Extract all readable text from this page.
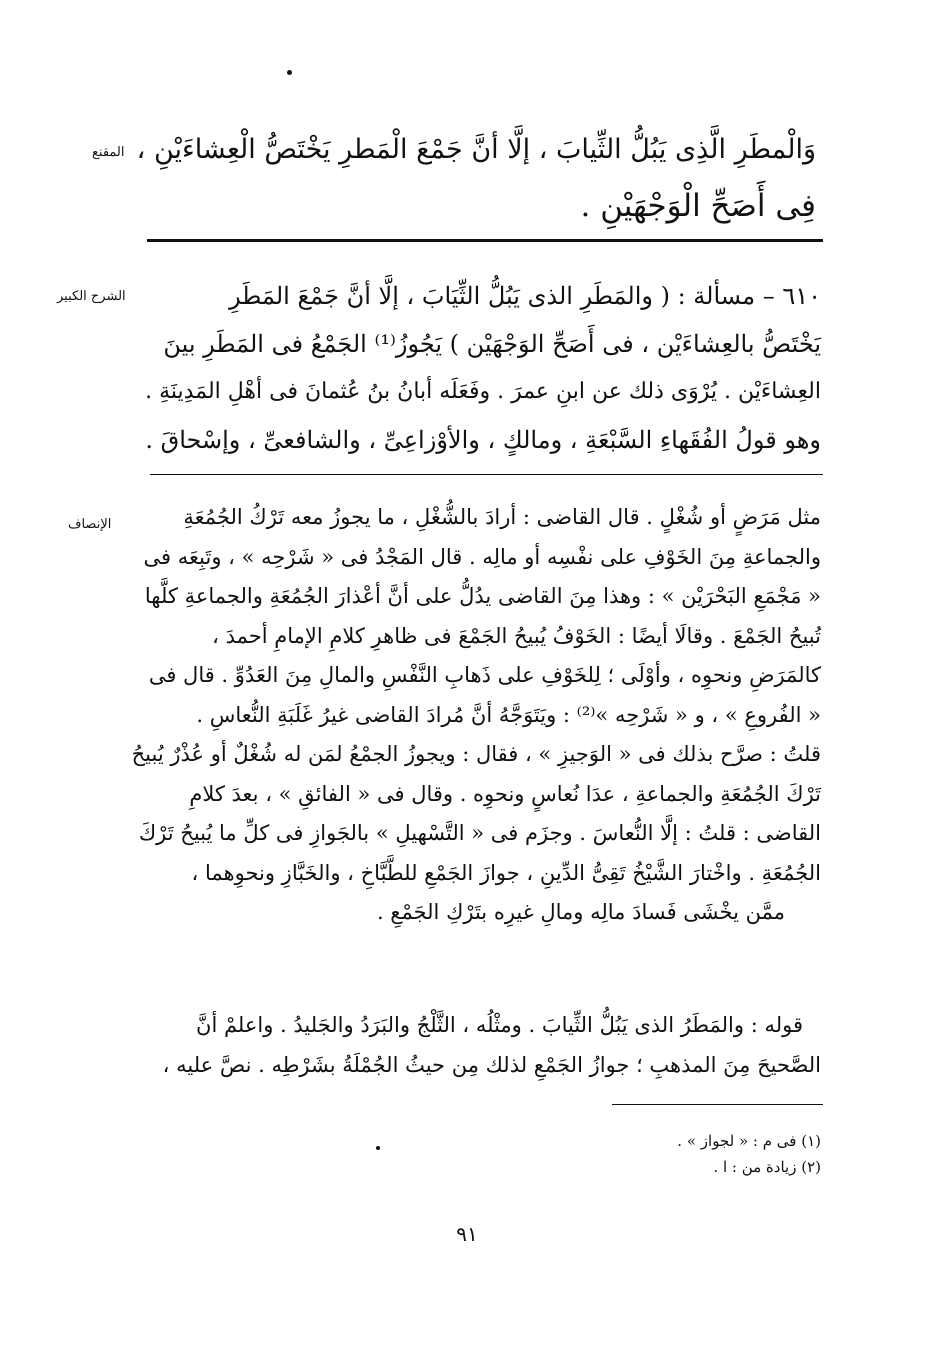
المقنع وَالْمطَرِ الَّذِى يَبُلُّ الثِّيابَ ، إلَّا أنَّ جَمْعَ الْمَطرِ يَخْتَصُّ الْعِشاءَيْنِ ،
فِى أَصَحِّ الْوَجْهَيْنِ .
الشرح الكبير	٦١٠ – مسألة : ( والمَطَرِ الذى يَبُلُّ الثِّيَابَ ، إلَّا أنَّ جَمْعَ المَطَرِ
يَخْتَصُّ بالعِشاءَيْن ، فى أَصَحِّ الوَجْهَيْن ) يَجُوزُ⁽¹⁾ الجَمْعُ فى المَطَرِ بينَ
العِشاءَيْن . يُرْوَى ذلك عن ابنِ عمرَ . وفَعَلَه أبانُ بنُ عُثمانَ فى أهْلِ المَدِينَةِ .
وهو قولُ الفُقَهاءِ السَّبْعَةِ ، ومالكٍ ، والأوْزاعِىِّ ، والشافعىِّ ، وإسْحاقَ .
الإنصاف	مثل مَرَضٍ أو شُغْلٍ . قال القاضى : أرادَ بالشُّغْلِ ، ما يجوزُ معه تَرْكُ الجُمُعَةِ
والجماعةِ مِنَ الخَوْفِ على نفْسِه أو مالِه . قال المَجْدُ فى « شَرْحِه » ، وتَبِعَه فى
« مَجْمَعِ البَحْرَيْن » : وهذا مِنَ القاضى يدُلُّ على أنَّ أعْذارَ الجُمُعَةِ والجماعةِ كلَّها
تُبيحُ الجَمْعَ . وقالَا أيضًا : الخَوْفُ يُبيحُ الجَمْعَ فى ظاهرِ كلامِ الإمامِ أحمدَ ،
كالمَرَضِ ونحوِه ، وأوْلَى ؛ لِلخَوْفِ على ذَهابِ النَّفْسِ والمالِ مِنَ العَدُوِّ . قال فى
« الفُروعِ » ، و « شَرْحِه »⁽²⁾ : ويَتَوَجَّهُ أنَّ مُرادَ القاضى غيرُ غَلَبَةِ النُّعاسِ .
قلتُ : صرَّح بذلك فى « الوَجيزِ » ، فقال : ويجوزُ الجمْعُ لمَن له شُغْلٌ أو عُذْرٌ يُبيحُ
تَرْكَ الجُمُعَةِ والجماعةِ ، عدَا نُعاسٍ ونحوِه . وقال فى « الفائقِ » ، بعدَ كلامِ
القاضى : قلتُ : إلَّا النُّعاسَ . وجزَم فى « التَّسْهيلِ » بالجَوازِ فى كلِّ ما يُبيحُ تَرْكَ
الجُمُعَةِ . واخْتارَ الشَّيْخُ تَقِىُّ الدِّينِ ، جوازَ الجَمْعِ للطَّبَّاخِ ، والخَبَّازِ ونحوِهما ،
ممَّن يخْشَى فَسادَ مالِه ومالِ غيرِه بتَرْكِ الجَمْعِ .
قوله : والمَطَرُ الذى يَبُلُّ الثِّيابَ . ومثْلُه ، الثَّلْجُ والبَرَدُ والجَليدُ . واعلمْ أنَّ
الصَّحيحَ مِنَ المذهبِ ؛ جوازُ الجَمْعِ لذلك مِن حيثُ الجُمْلَةُ بشَرْطِه . نصَّ عليه ،
(١) فى م : « لجواز » .
(٢) زيادة من : ا .
٩١
